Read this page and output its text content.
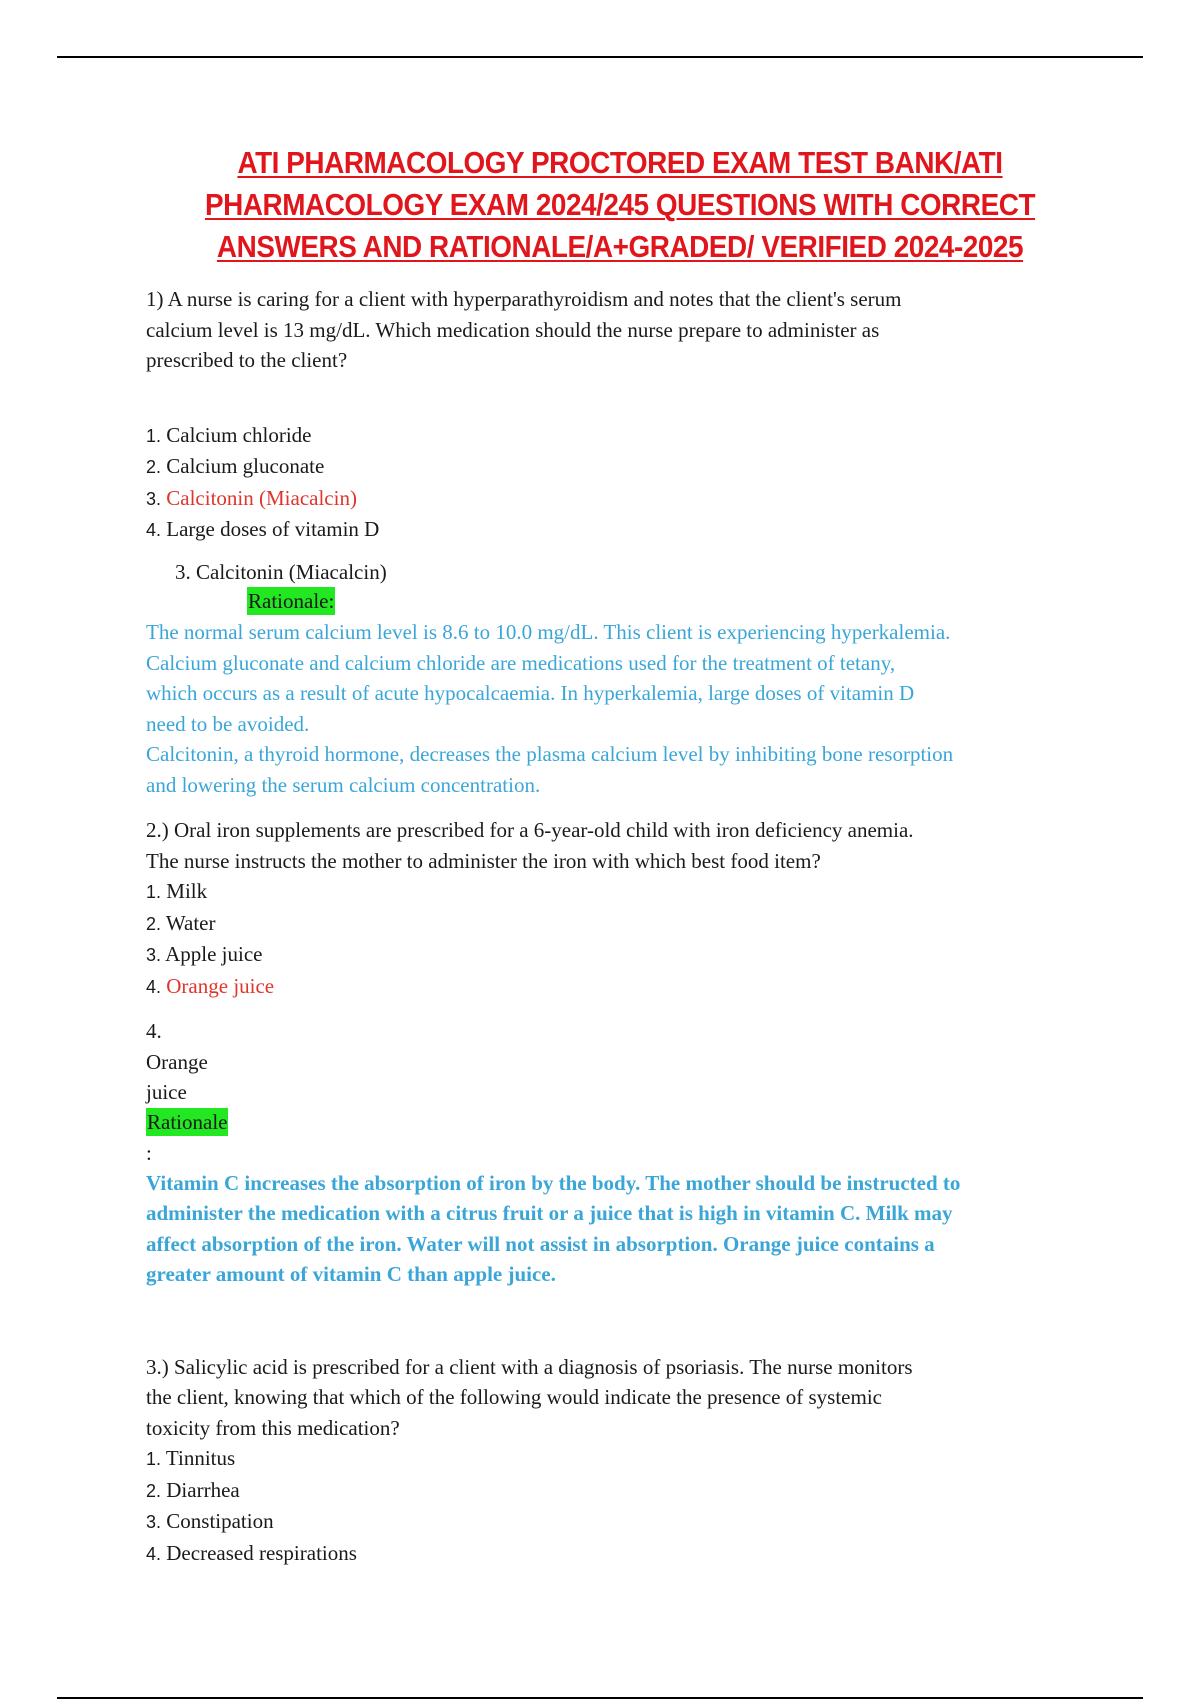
ATI PHARMACOLOGY PROCTORED EXAM TEST BANK/ATI
PHARMACOLOGY EXAM 2024/245 QUESTIONS WITH CORRECT
ANSWERS AND RATIONALE/A+GRADED/ VERIFIED 2024-2025
1) A nurse is caring for a client with hyperparathyroidism and notes that the client's serum
calcium level is 13 mg/dL. Which medication should the nurse prepare to administer as
prescribed to the client?
1. Calcium chloride
2. Calcium gluconate
3. Calcitonin (Miacalcin)
4. Large doses of vitamin D
3. Calcitonin (Miacalcin)
Rationale:
The normal serum calcium level is 8.6 to 10.0 mg/dL. This client is experiencing hyperkalemia.
Calcium gluconate and calcium chloride are medications used for the treatment of tetany,
which occurs as a result of acute hypocalcaemia. In hyperkalemia, large doses of vitamin D
need to be avoided.
Calcitonin, a thyroid hormone, decreases the plasma calcium level by inhibiting bone resorption
and lowering the serum calcium concentration.
2.) Oral iron supplements are prescribed for a 6-year-old child with iron deficiency anemia.
The nurse instructs the mother to administer the iron with which best food item?
1. Milk
2. Water
3. Apple juice
4. Orange juice
4.
Orange
juice
Rationale
:
Vitamin C increases the absorption of iron by the body. The mother should be instructed to
administer the medication with a citrus fruit or a juice that is high in vitamin C. Milk may
affect absorption of the iron. Water will not assist in absorption. Orange juice contains a
greater amount of vitamin C than apple juice.
3.) Salicylic acid is prescribed for a client with a diagnosis of psoriasis. The nurse monitors
the client, knowing that which of the following would indicate the presence of systemic
toxicity from this medication?
1. Tinnitus
2. Diarrhea
3. Constipation
4. Decreased respirations
